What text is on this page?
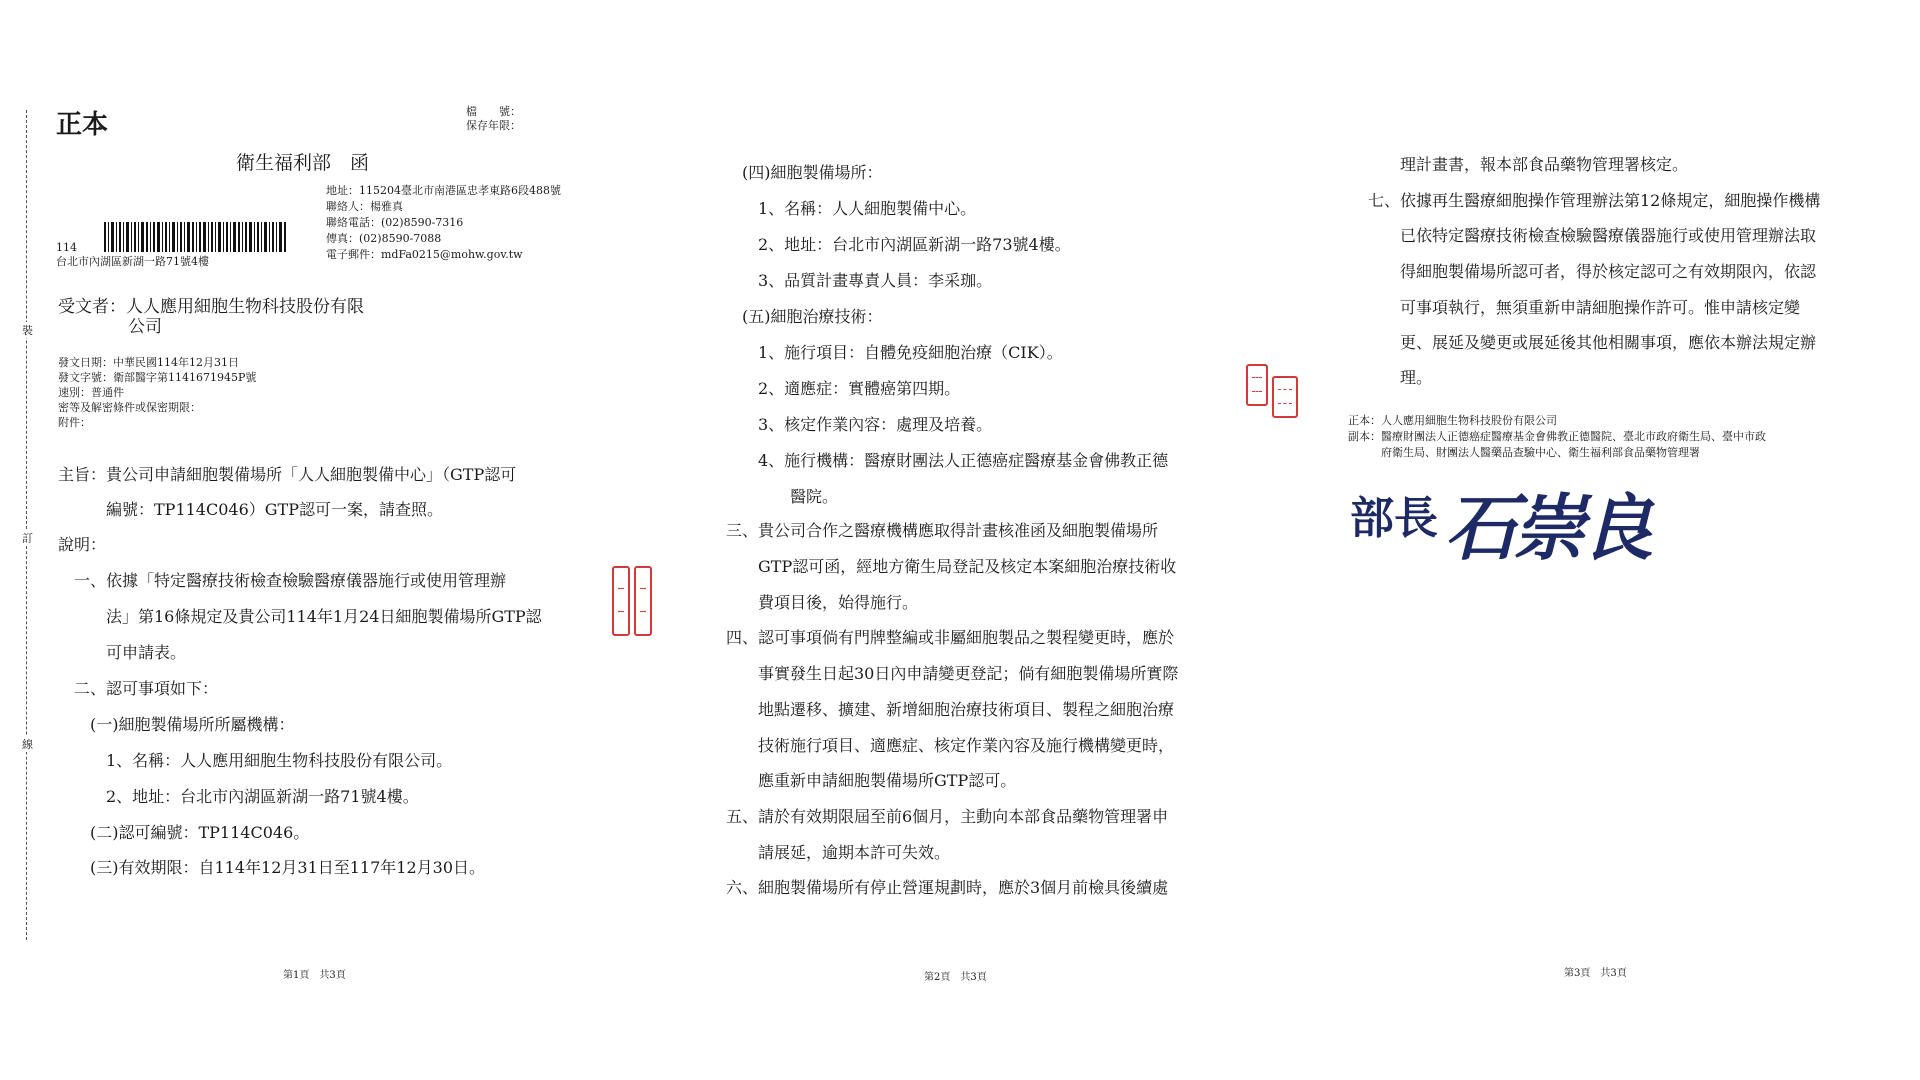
裝
訂
線
正本	檔　　號：
保存年限：
衛生福利部　函
地址：115204臺北市南港區忠孝東路6段488號
聯絡人：楊雅真
聯絡電話：(02)8590-7316
傳真：(02)8590-7088
電子郵件：mdFa0215@mohw.gov.tw
114
台北市內湖區新湖一路71號4樓
受文者：人人應用細胞生物科技股份有限
公司
發文日期：中華民國114年12月31日
發文字號：衛部醫字第1141671945P號
速別：普通件
密等及解密條件或保密期限：
附件：
主旨：貴公司申請細胞製備場所「人人細胞製備中心」（GTP認可
　　　編號：TP114C046）GTP認可一案，請查照。
說明：
　一、依據「特定醫療技術檢查檢驗醫療儀器施行或使用管理辦
　　　法」第16條規定及貴公司114年1月24日細胞製備場所GTP認
　　　可申請表。
　二、認可事項如下：
　　(一)細胞製備場所所屬機構：
　　　1、名稱：人人應用細胞生物科技股份有限公司。
　　　2、地址：台北市內湖區新湖一路71號4樓。
　　(二)認可編號：TP114C046。
　　(三)有效期限：自114年12月31日至117年12月30日。
第1頁　共3頁
　(四)細胞製備場所：
　　1、名稱：人人細胞製備中心。
　　2、地址：台北市內湖區新湖一路73號4樓。
　　3、品質計畫專責人員：李采珈。
　(五)細胞治療技術：
　　1、施行項目：自體免疫細胞治療（CIK）。
　　2、適應症：實體癌第四期。
　　3、核定作業內容：處理及培養。
　　4、施行機構：醫療財團法人正德癌症醫療基金會佛教正德
　　　　醫院。
三、貴公司合作之醫療機構應取得計畫核准函及細胞製備場所
　　GTP認可函，經地方衛生局登記及核定本案細胞治療技術收
　　費項目後，始得施行。
四、認可事項倘有門牌整編或非屬細胞製品之製程變更時，應於
　　事實發生日起30日內申請變更登記；倘有細胞製備場所實際
　　地點遷移、擴建、新增細胞治療技術項目、製程之細胞治療
　　技術施行項目、適應症、核定作業內容及施行機構變更時，
　　應重新申請細胞製備場所GTP認可。
五、請於有效期限屆至前6個月，主動向本部食品藥物管理署申
　　請展延，逾期本許可失效。
六、細胞製備場所有停止營運規劃時，應於3個月前檢具後續處
第2頁　共3頁
　　理計畫書，報本部食品藥物管理署核定。
七、依據再生醫療細胞操作管理辦法第12條規定，細胞操作機構
　　已依特定醫療技術檢查檢驗醫療儀器施行或使用管理辦法取
　　得細胞製備場所認可者，得於核定認可之有效期限內，依認
　　可事項執行，無須重新申請細胞操作許可。惟申請核定變
　　更、展延及變更或展延後其他相關事項，應依本辦法規定辦
　　理。
正本：人人應用細胞生物科技股份有限公司
副本：醫療財團法人正德癌症醫療基金會佛教正德醫院、臺北市政府衛生局、臺中市政
　　　府衛生局、財團法人醫藥品查驗中心、衛生福利部食品藥物管理署
部長 石崇良
第3頁　共3頁
